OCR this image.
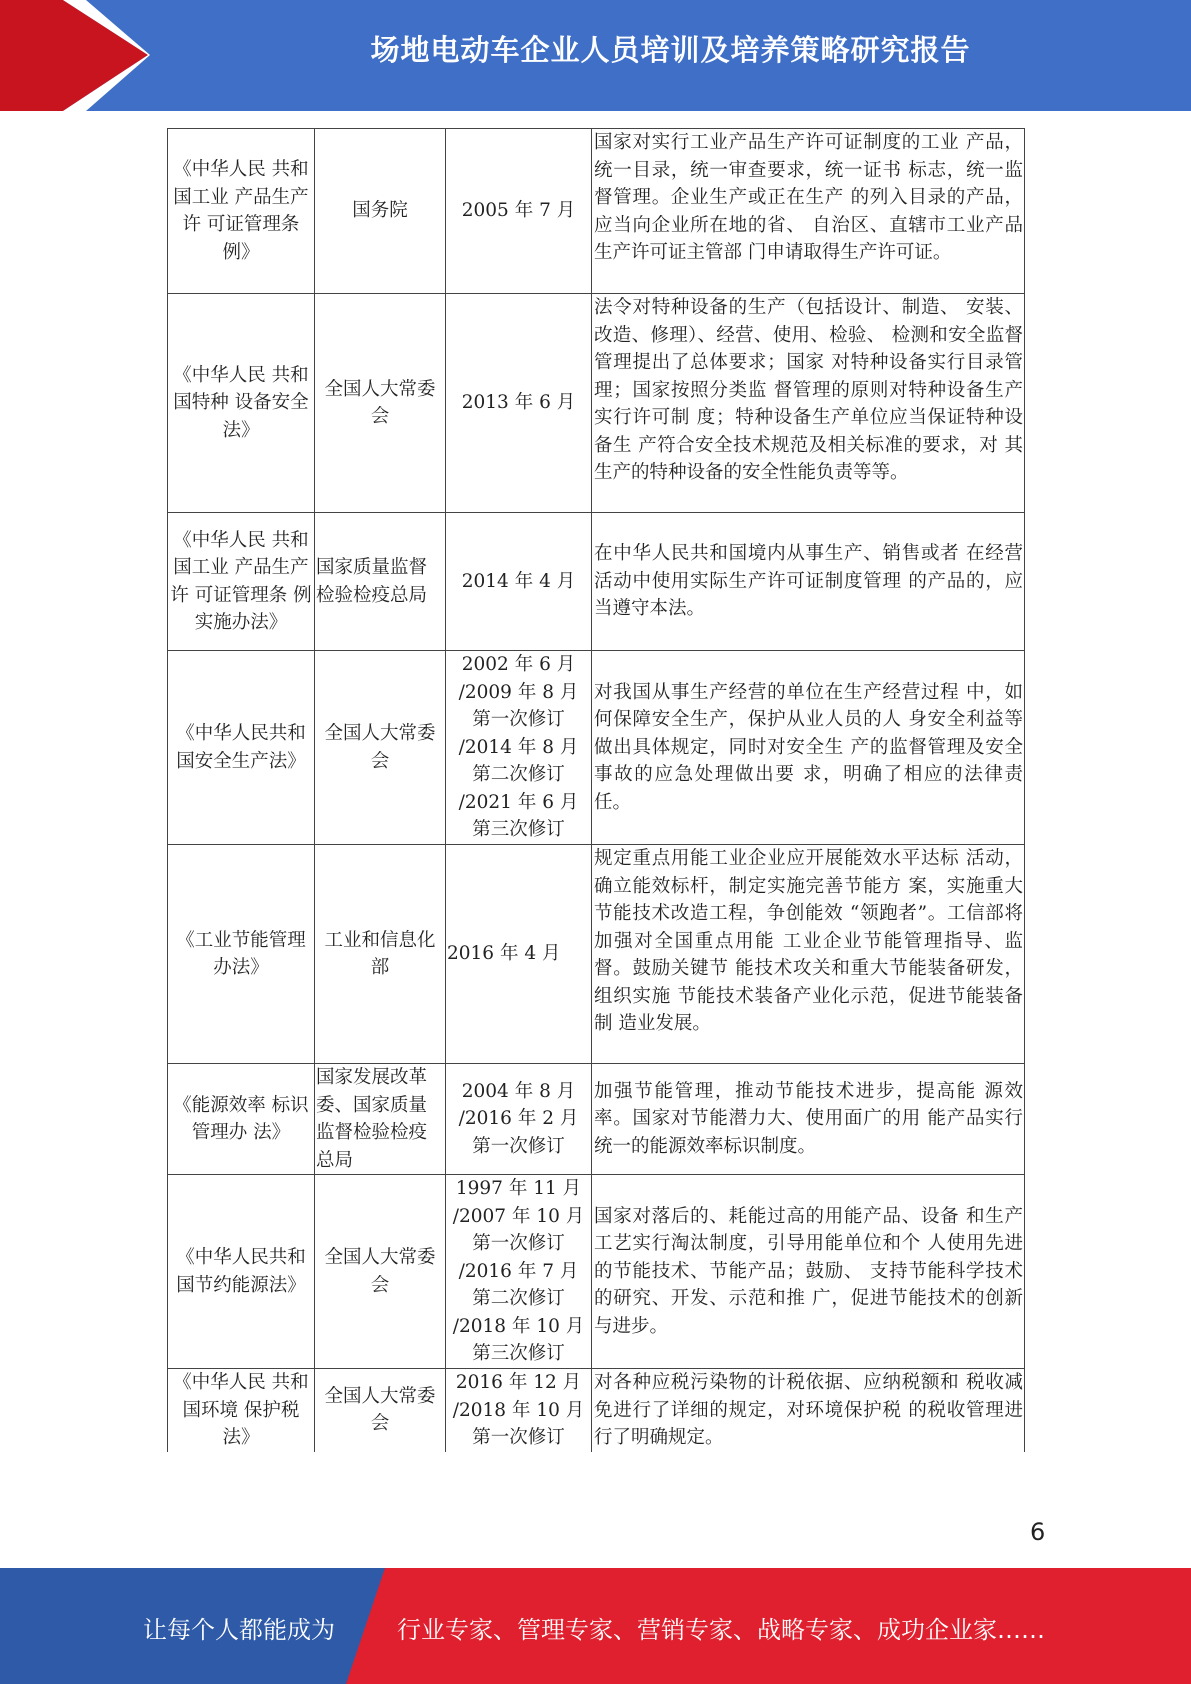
场地电动车企业人员培训及培养策略研究报告
《中华人民 共和国工业 产品生产许 可证管理条 例》	国务院	2005 年 7 月	国家对实行工业产品生产许可证制度的工业 产品，统一目录，统一审查要求，统一证书 标志，统一监督管理。企业生产或正在生产 的列入目录的产品，应当向企业所在地的省、 自治区、直辖市工业产品生产许可证主管部 门申请取得生产许可证。
《中华人民 共和国特种 设备安全法》	全国人大常委会	2013 年 6 月	法令对特种设备的生产（包括设计、制造、 安装、改造、修理）、经营、使用、检验、 检测和安全监督管理提出了总体要求；国家 对特种设备实行目录管理；国家按照分类监 督管理的原则对特种设备生产实行许可制 度；特种设备生产单位应当保证特种设备生 产符合安全技术规范及相关标准的要求，对 其生产的特种设备的安全性能负责等等。
《中华人民 共和国工业 产品生产许 可证管理条 例实施办法》	国家质量监督检验检疫总局	2014 年 4 月	在中华人民共和国境内从事生产、销售或者 在经营活动中使用实际生产许可证制度管理 的产品的，应当遵守本法。
《中华人民共和国安全生产法》	全国人大常委会	2002 年 6 月 /2009 年 8 月 第一次修订 /2014 年 8 月 第二次修订 /2021 年 6 月 第三次修订	对我国从事生产经营的单位在生产经营过程 中，如何保障安全生产，保护从业人员的人 身安全利益等做出具体规定，同时对安全生 产的监督管理及安全事故的应急处理做出要 求，明确了相应的法律责任。
《工业节能管理办法》	工业和信息化部	2016 年 4 月	规定重点用能工业企业应开展能效水平达标 活动，确立能效标杆，制定实施完善节能方 案，实施重大节能技术改造工程，争创能效 “领跑者”。工信部将加强对全国重点用能 工业企业节能管理指导、监督。鼓励关键节 能技术攻关和重大节能装备研发，组织实施 节能技术装备产业化示范，促进节能装备制 造业发展。
《能源效率 标识管理办 法》	国家发展改革委、国家质量监督检验检疫总局	2004 年 8 月 /2016 年 2 月 第一次修订	加强节能管理，推动节能技术进步，提高能 源效率。国家对节能潜力大、使用面广的用 能产品实行统一的能源效率标识制度。
《中华人民共和国节约能源法》	全国人大常委会	1997 年 11 月 /2007 年 10 月 第一次修订 /2016 年 7 月 第二次修订 /2018 年 10 月 第三次修订	国家对落后的、耗能过高的用能产品、设备 和生产工艺实行淘汰制度，引导用能单位和个 人使用先进的节能技术、节能产品；鼓励、 支持节能科学技术的研究、开发、示范和推 广，促进节能技术的创新与进步。
《中华人民 共和国环境 保护税法》	全国人大常委会	2016 年 12 月 /2018 年 10 月 第一次修订	对各种应税污染物的计税依据、应纳税额和 税收减免进行了详细的规定，对环境保护税 的税收管理进行了明确规定。
6
让每个人都能成为	行业专家、管理专家、营销专家、战略专家、成功企业家……
